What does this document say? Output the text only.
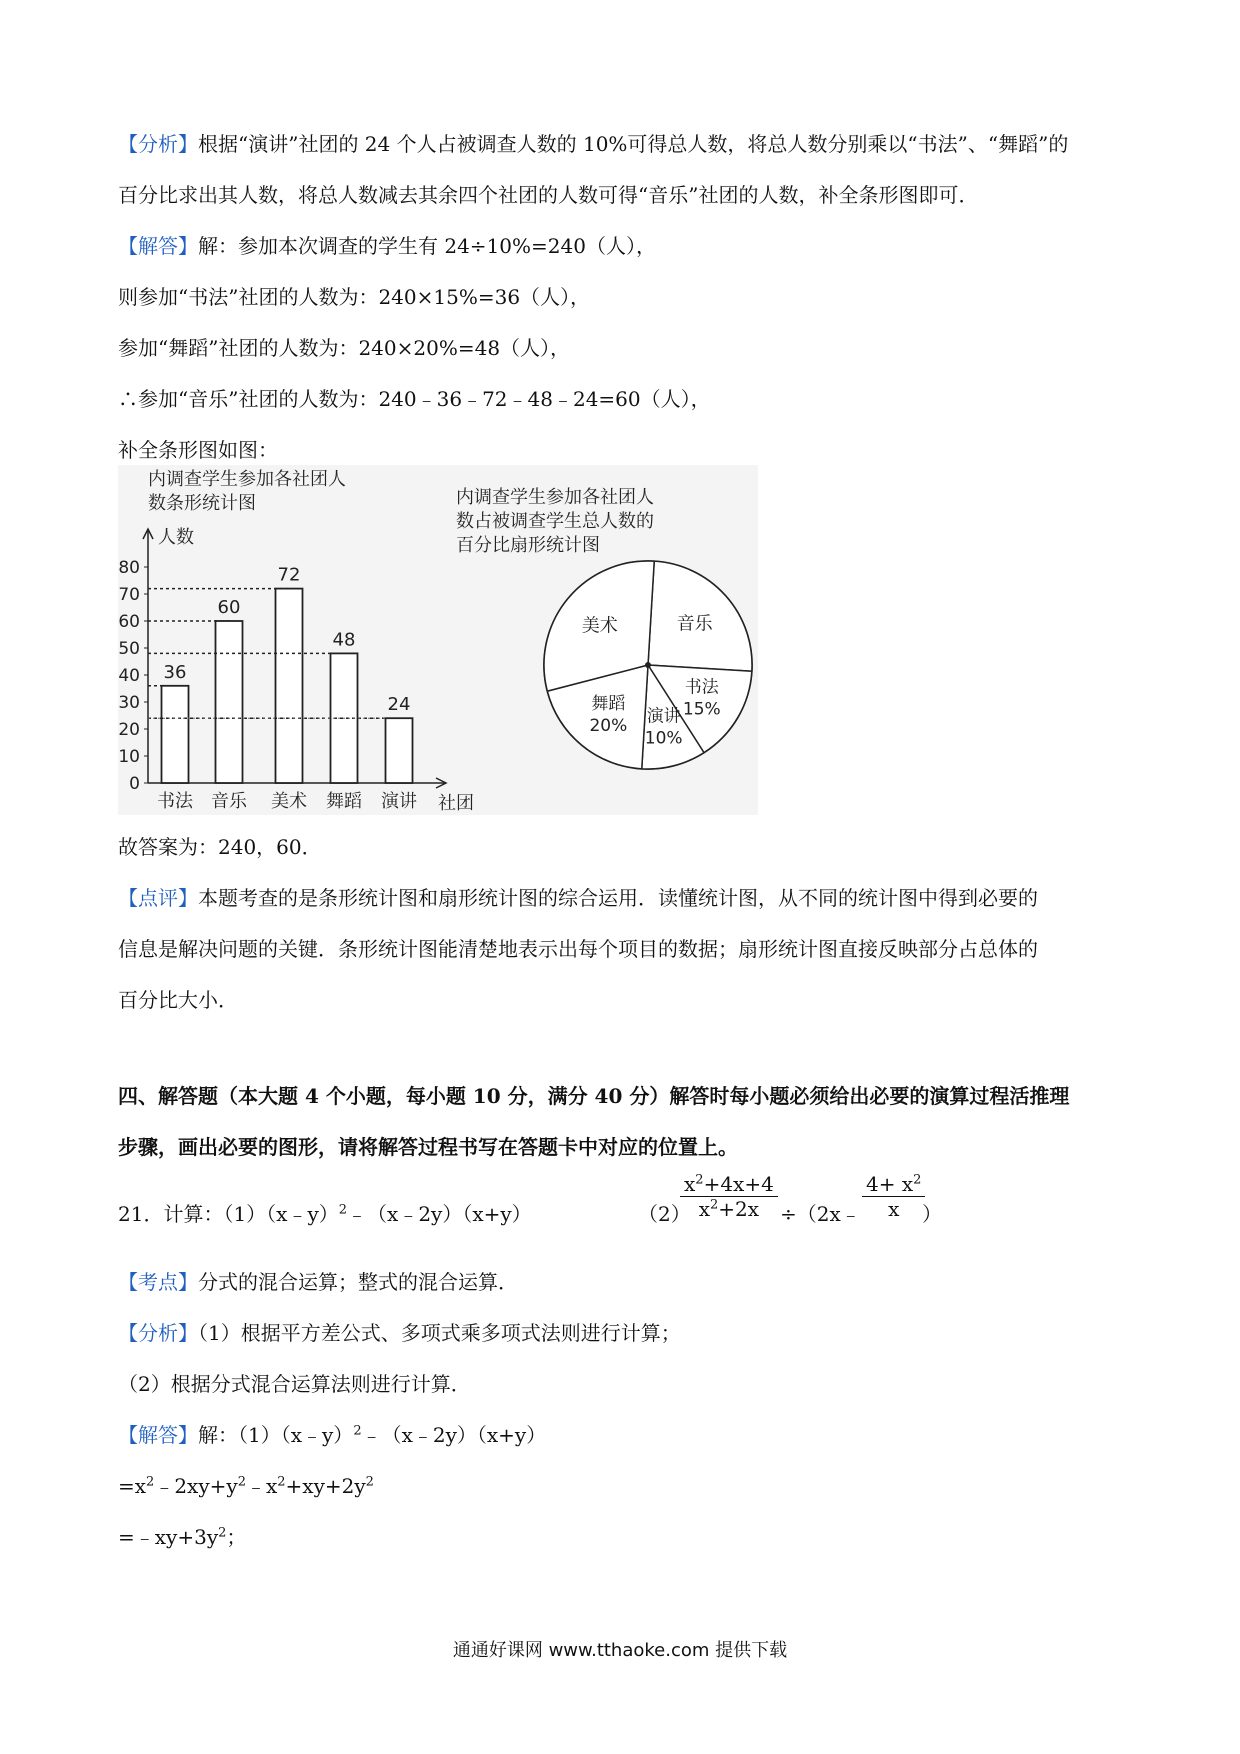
【分析】根据“演讲”社团的 24 个人占被调查人数的 10%可得总人数，将总人数分别乘以“书法”、“舞蹈”的
百分比求出其人数，将总人数减去其余四个社团的人数可得“音乐”社团的人数，补全条形图即可．
【解答】解：参加本次调查的学生有 24÷10%=240（人），
则参加“书法”社团的人数为：240×15%=36（人），
参加“舞蹈”社团的人数为：240×20%=48（人），
∴参加“音乐”社团的人数为：240﹣36﹣72﹣48﹣24=60（人），
补全条形图如图：
内调查学生参加各社团人
数条形统计图
人数
社团
0
10
20
30
40
50
60
70
80
36
书法
60
音乐
72
美术
48
舞蹈
24
演讲
内调查学生参加各社团人
数占被调查学生总人数的
百分比扇形统计图
音乐
书法
15%
演讲
10%
舞蹈
20%
美术
故答案为：240，60．
【点评】本题考查的是条形统计图和扇形统计图的综合运用．读懂统计图，从不同的统计图中得到必要的
信息是解决问题的关键．条形统计图能清楚地表示出每个项目的数据；扇形统计图直接反映部分占总体的
百分比大小．
四、解答题（本大题 4 个小题，每小题 10 分，满分 40 分）解答时每小题必须给出必要的演算过程活推理
步骤，画出必要的图形，请将解答过程书写在答题卡中对应的位置上。
21．计算：（1）（x﹣y）$^2$﹣（x﹣2y）（x+y）	（2）
$\frac{x^2+4x+4}{x^2+2x}$ ÷（2x﹣ $\frac{4+ x^2}{x}$
）
【考点】分式的混合运算；整式的混合运算．
【分析】（1）根据平方差公式、多项式乘多项式法则进行计算；
（2）根据分式混合运算法则进行计算．
【解答】解：（1）（x﹣y）$^2$﹣（x﹣2y）（x+y）
$=x^2﹣2xy+y^2﹣x^2+xy+2y^2$
$=﹣xy+3y^2$；
通通好课网 www.tthaoke.com 提供下载
